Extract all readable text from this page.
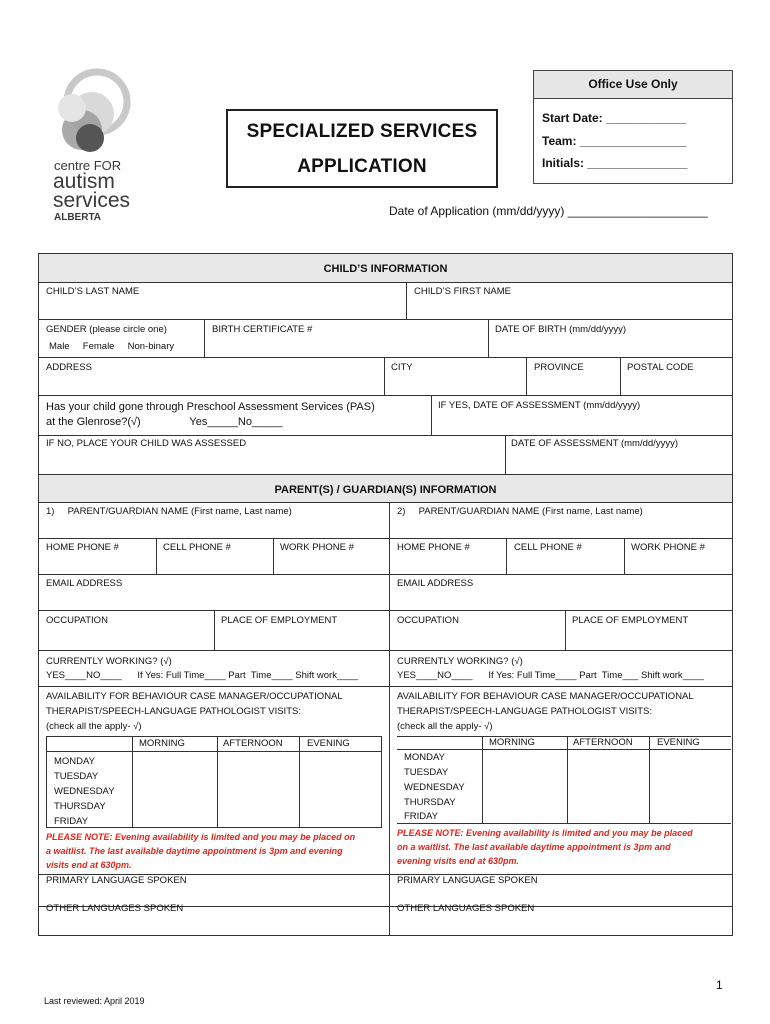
centre FOR
autism
services
ALBERTA
SPECIALIZED SERVICES
APPLICATION
Office Use Only
Start Date: ____________
Team: ________________
Initials: _______________
Date of Application (mm/dd/yyyy) _____________________
CHILD’S INFORMATION
CHILD’S LAST NAME	CHILD’S FIRST NAME
GENDER (please circle one)
Male     Female     Non-binary
BIRTH CERTIFICATE #	DATE OF BIRTH (mm/dd/yyyy)
ADDRESS	CITY	PROVINCE	POSTAL CODE
Has your child gone through Preschool Assessment Services (PAS)
at the Glenrose?(√)                Yes_____No_____
IF YES, DATE OF ASSESSMENT (mm/dd/yyyy)
IF NO, PLACE YOUR CHILD WAS ASSESSED	DATE OF ASSESSMENT (mm/dd/yyyy)
PARENT(S) / GUARDIAN(S) INFORMATION
1)     PARENT/GUARDIAN NAME (First name, Last name)	2)     PARENT/GUARDIAN NAME (First name, Last name)
HOME PHONE #	CELL PHONE #	WORK PHONE #	HOME PHONE #	CELL PHONE #	WORK PHONE #
EMAIL ADDRESS	EMAIL ADDRESS
OCCUPATION	PLACE OF EMPLOYMENT	OCCUPATION	PLACE OF EMPLOYMENT
CURRENTLY WORKING? (√)
YES____NO____      If Yes: Full Time____ Part  Time____ Shift work____
CURRENTLY WORKING? (√)
YES____NO____      If Yes: Full Time____ Part  Time___ Shift work____
AVAILABILITY FOR BEHAVIOUR CASE MANAGER/OCCUPATIONAL
THERAPIST/SPEECH-LANGUAGE PATHOLOGIST VISITS:
(check all the apply- √)
MORNING	AFTERNOON	EVENING
MONDAY
TUESDAY
WEDNESDAY
THURSDAY
FRIDAY
AVAILABILITY FOR BEHAVIOUR CASE MANAGER/OCCUPATIONAL
THERAPIST/SPEECH-LANGUAGE PATHOLOGIST VISITS:
(check all the apply- √)
MORNING	AFTERNOON	EVENING
MONDAY
TUESDAY
WEDNESDAY
THURSDAY
FRIDAY
PLEASE NOTE: Evening availability is limited and you may be placed on
a waitlist. The last available daytime appointment is 3pm and evening
visits end at 630pm.
PLEASE NOTE: Evening availability is limited and you may be placed
on a waitlist. The last available daytime appointment is 3pm and
evening visits end at 630pm.
PRIMARY LANGUAGE SPOKEN	PRIMARY LANGUAGE SPOKEN
OTHER LANGUAGES SPOKEN	OTHER LANGUAGES SPOKEN
1
Last reviewed: April 2019
